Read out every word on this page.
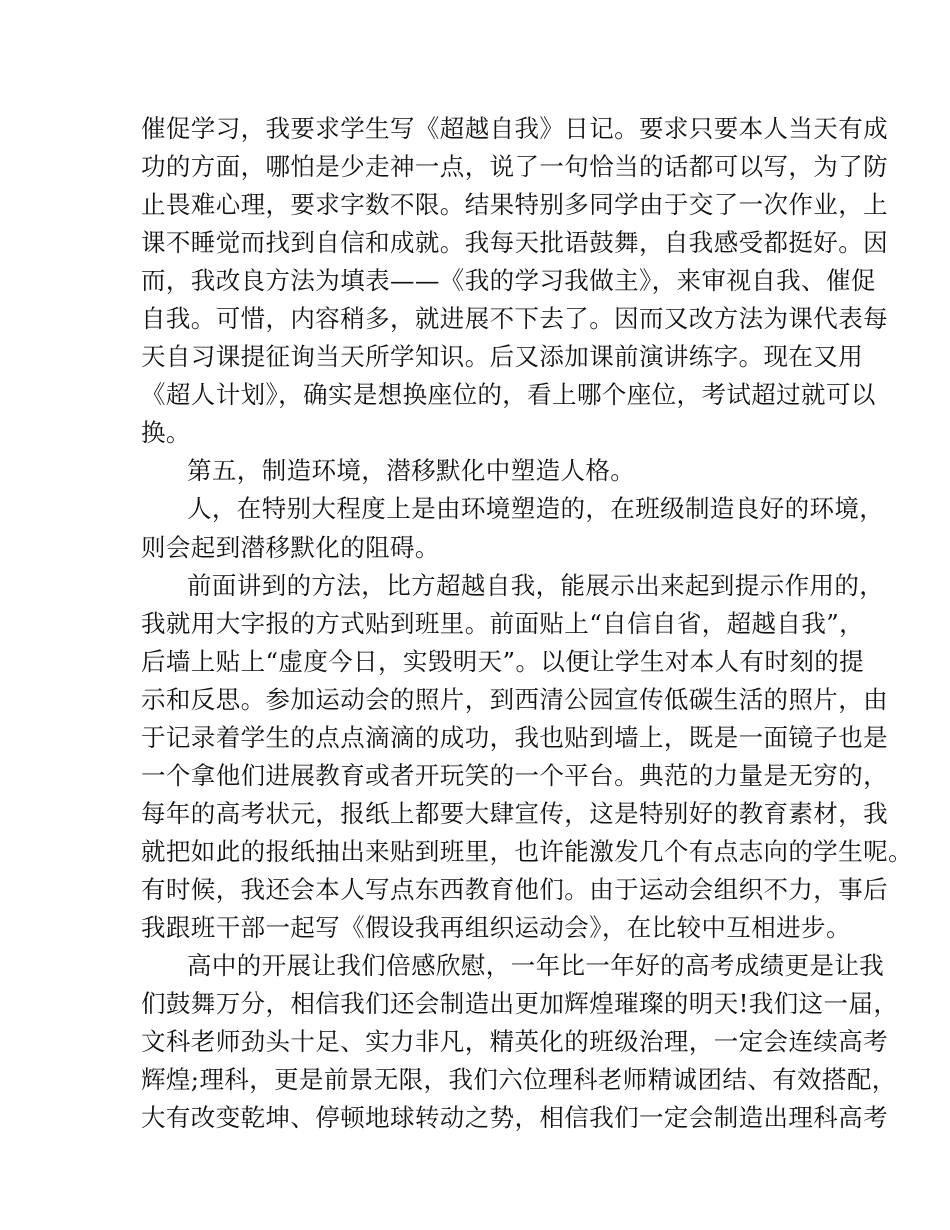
催促学习，我要求学生写《超越自我》日记。要求只要本人当天有成
功的方面，哪怕是少走神一点，说了一句恰当的话都可以写，为了防
止畏难心理，要求字数不限。结果特别多同学由于交了一次作业，上
课不睡觉而找到自信和成就。我每天批语鼓舞，自我感受都挺好。因
而，我改良方法为填表——《我的学习我做主》，来审视自我、催促
自我。可惜，内容稍多，就进展不下去了。因而又改方法为课代表每
天自习课提征询当天所学知识。后又添加课前演讲练字。现在又用
《超人计划》，确实是想换座位的，看上哪个座位，考试超过就可以
换。
第五，制造环境，潜移默化中塑造人格。
人，在特别大程度上是由环境塑造的，在班级制造良好的环境，
则会起到潜移默化的阻碍。
前面讲到的方法，比方超越自我，能展示出来起到提示作用的，
我就用大字报的方式贴到班里。前面贴上“自信自省，超越自我”，
后墙上贴上“虚度今日，实毁明天”。以便让学生对本人有时刻的提
示和反思。参加运动会的照片，到西清公园宣传低碳生活的照片，由
于记录着学生的点点滴滴的成功，我也贴到墙上，既是一面镜子也是
一个拿他们进展教育或者开玩笑的一个平台。典范的力量是无穷的，
每年的高考状元，报纸上都要大肆宣传，这是特别好的教育素材，我
就把如此的报纸抽出来贴到班里，也许能激发几个有点志向的学生呢。
有时候，我还会本人写点东西教育他们。由于运动会组织不力，事后
我跟班干部一起写《假设我再组织运动会》，在比较中互相进步。
高中的开展让我们倍感欣慰，一年比一年好的高考成绩更是让我
们鼓舞万分，相信我们还会制造出更加辉煌璀璨的明天!我们这一届，
文科老师劲头十足、实力非凡，精英化的班级治理，一定会连续高考
辉煌;理科，更是前景无限，我们六位理科老师精诚团结、有效搭配，
大有改变乾坤、停顿地球转动之势，相信我们一定会制造出理科高考
